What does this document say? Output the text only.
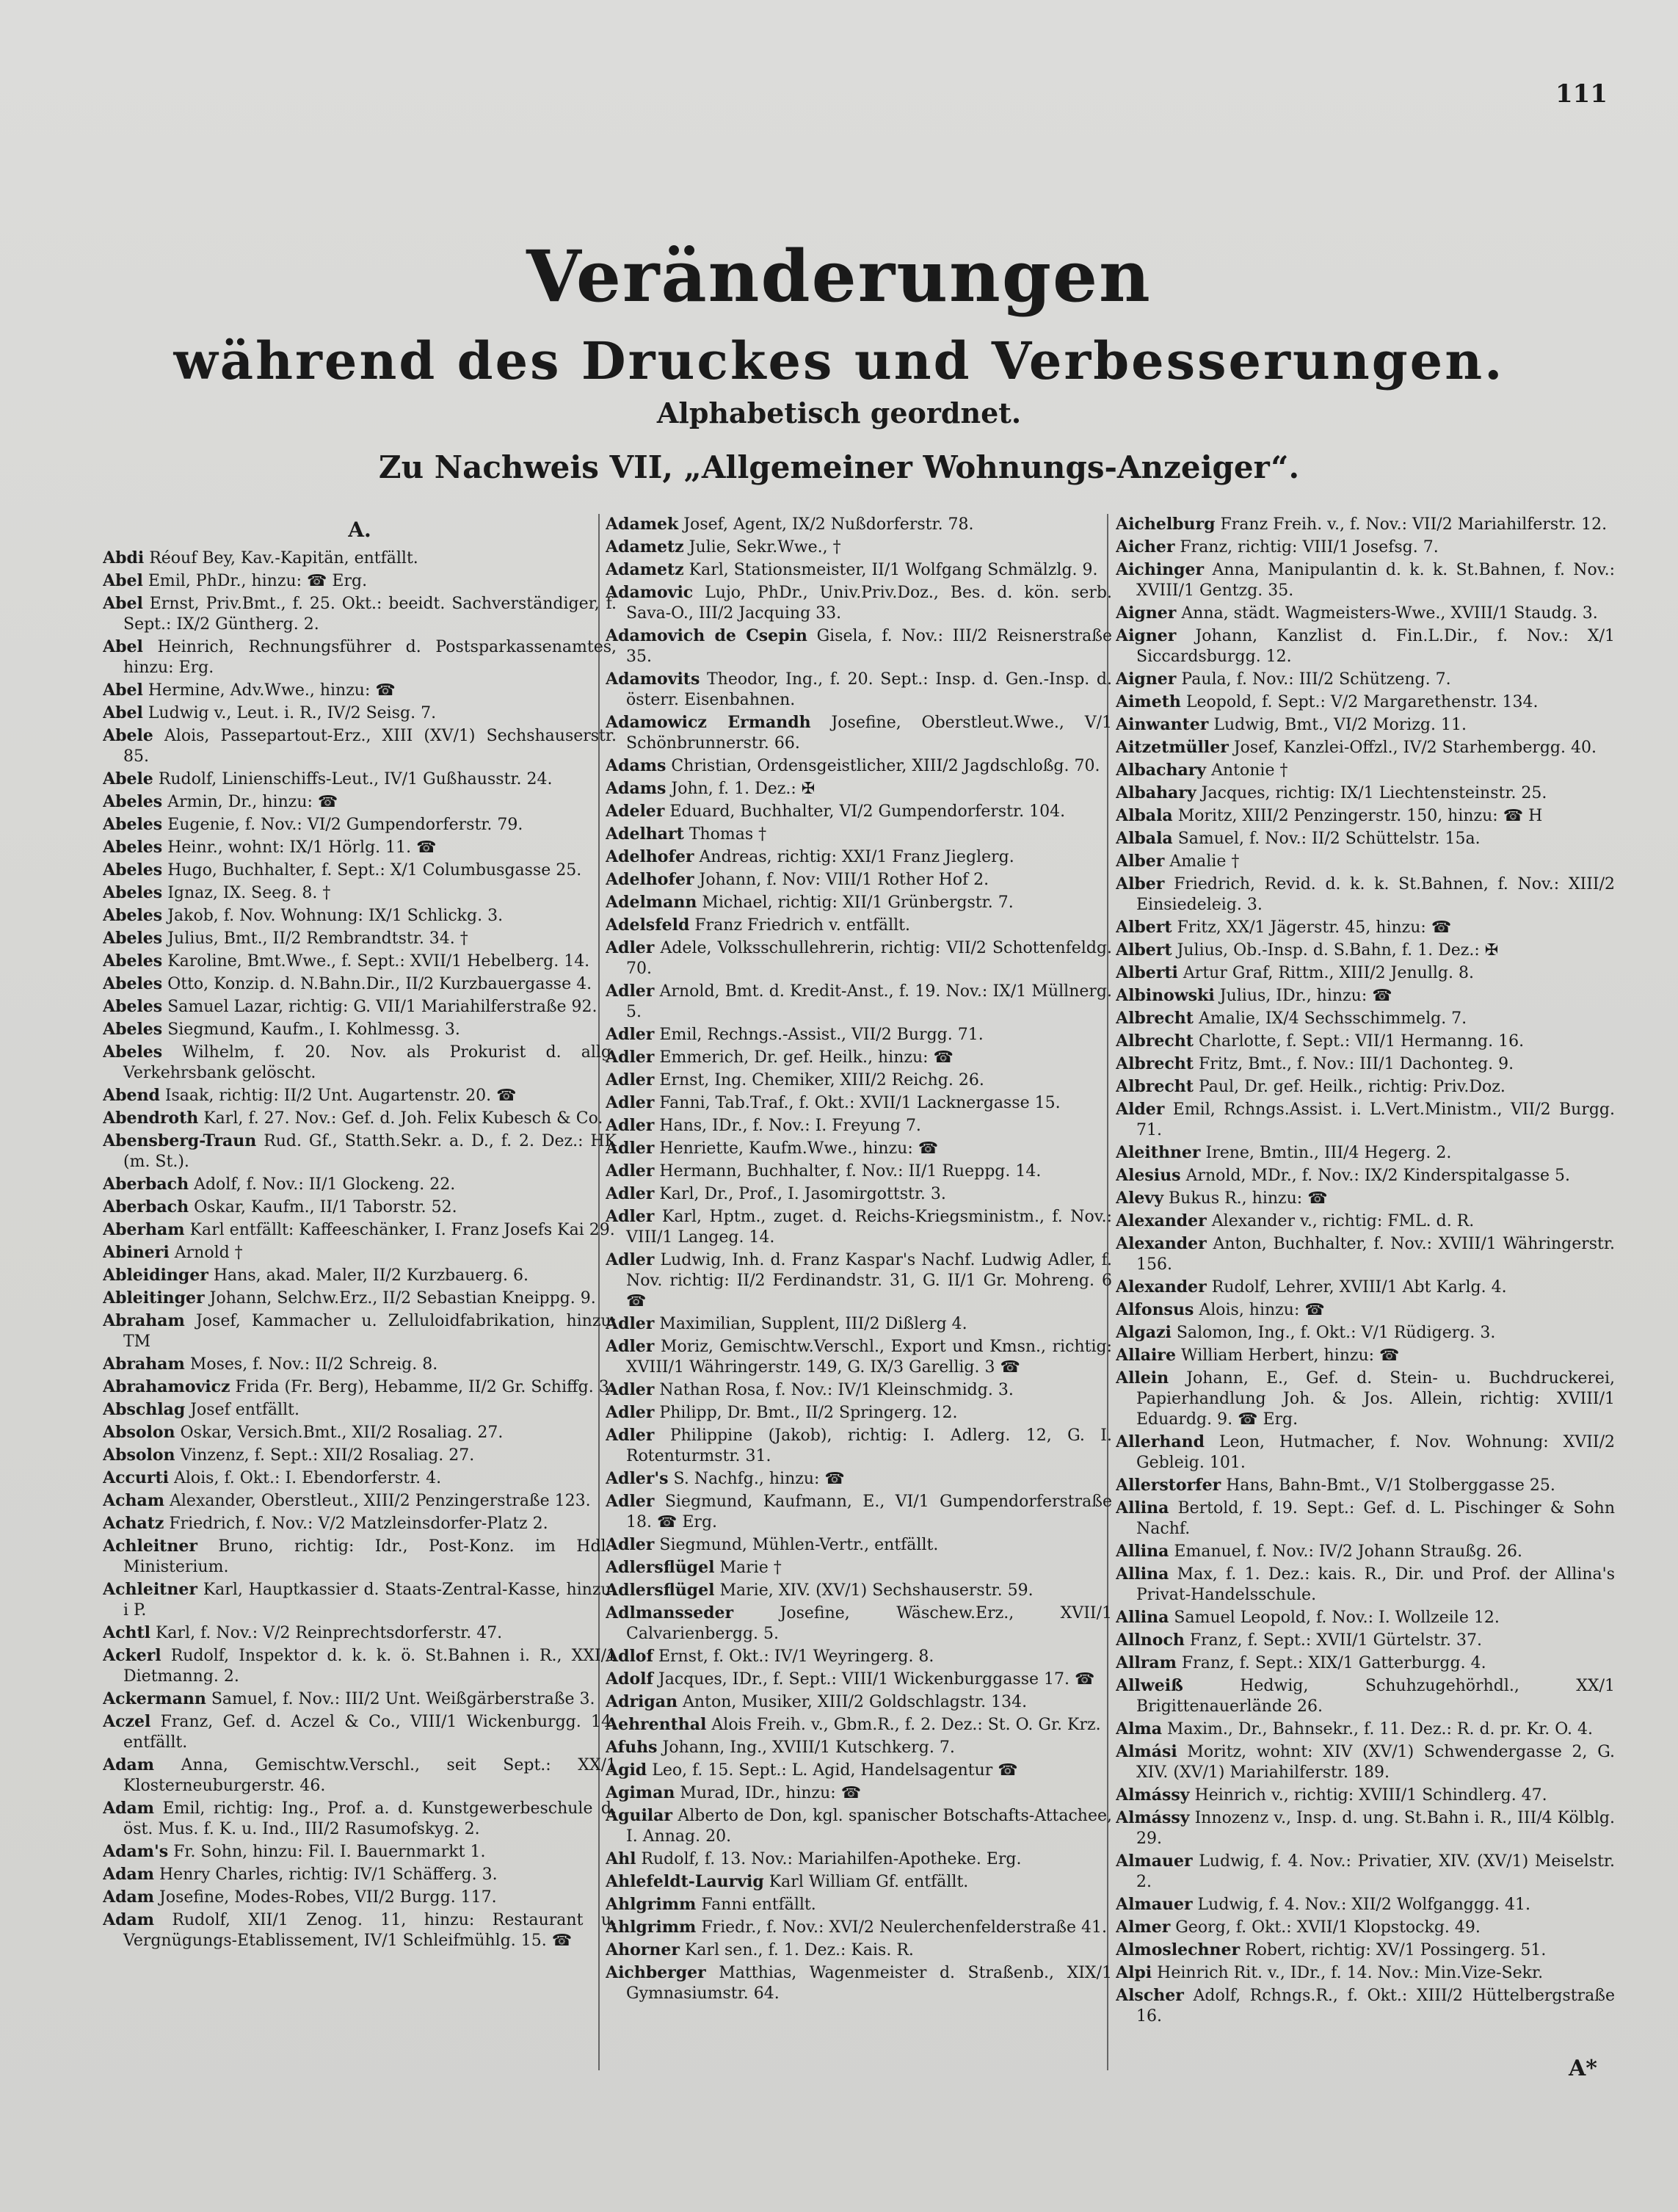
111
Veränderungen
während des Druckes und Verbesserungen.
Alphabetisch geordnet.
Zu Nachweis VII, „Allgemeiner Wohnungs-Anzeiger“.
A.
Abdi Réouf Bey, Kav.-Kapitän, entfällt.
Abel Emil, PhDr., hinzu: ☎ Erg.
Abel Ernst, Priv.Bmt., f. 25. Okt.: beeidt. Sachverständiger, f. Sept.: IX/2 Güntherg. 2.
Abel Heinrich, Rechnungsführer d. Postsparkassenamtes, hinzu: Erg.
Abel Hermine, Adv.Wwe., hinzu: ☎
Abel Ludwig v., Leut. i. R., IV/2 Seisg. 7.
Abele Alois, Passepartout-Erz., XIII (XV/1) Sechshauserstr. 85.
Abele Rudolf, Linienschiffs-Leut., IV/1 Gußhausstr. 24.
Abeles Armin, Dr., hinzu: ☎
Abeles Eugenie, f. Nov.: VI/2 Gumpendorferstr. 79.
Abeles Heinr., wohnt: IX/1 Hörlg. 11. ☎
Abeles Hugo, Buchhalter, f. Sept.: X/1 Columbusgasse 25.
Abeles Ignaz, IX. Seeg. 8. †
Abeles Jakob, f. Nov. Wohnung: IX/1 Schlickg. 3.
Abeles Julius, Bmt., II/2 Rembrandtstr. 34. †
Abeles Karoline, Bmt.Wwe., f. Sept.: XVII/1 Hebelberg. 14.
Abeles Otto, Konzip. d. N.Bahn.Dir., II/2 Kurzbauergasse 4.
Abeles Samuel Lazar, richtig: G. VII/1 Mariahilferstraße 92.
Abeles Siegmund, Kaufm., I. Kohlmessg. 3.
Abeles Wilhelm, f. 20. Nov. als Prokurist d. allg. Verkehrsbank gelöscht.
Abend Isaak, richtig: II/2 Unt. Augartenstr. 20. ☎
Abendroth Karl, f. 27. Nov.: Gef. d. Joh. Felix Kubesch & Co.
Abensberg-Traun Rud. Gf., Statth.Sekr. a. D., f. 2. Dez.: HK (m. St.).
Aberbach Adolf, f. Nov.: II/1 Glockeng. 22.
Aberbach Oskar, Kaufm., II/1 Taborstr. 52.
Aberham Karl entfällt: Kaffeeschänker, I. Franz Josefs Kai 29.
Abineri Arnold †
Ableidinger Hans, akad. Maler, II/2 Kurzbauerg. 6.
Ableitinger Johann, Selchw.Erz., II/2 Sebastian Kneippg. 9.
Abraham Josef, Kammacher u. Zelluloidfabrikation, hinzu: TM
Abraham Moses, f. Nov.: II/2 Schreig. 8.
Abrahamovicz Frida (Fr. Berg), Hebamme, II/2 Gr. Schiffg. 3.
Abschlag Josef entfällt.
Absolon Oskar, Versich.Bmt., XII/2 Rosaliag. 27.
Absolon Vinzenz, f. Sept.: XII/2 Rosaliag. 27.
Accurti Alois, f. Okt.: I. Ebendorferstr. 4.
Acham Alexander, Oberstleut., XIII/2 Penzingerstraße 123.
Achatz Friedrich, f. Nov.: V/2 Matzleinsdorfer-Platz 2.
Achleitner Bruno, richtig: Idr., Post-Konz. im Hdl.-Ministerium.
Achleitner Karl, Hauptkassier d. Staats-Zentral-Kasse, hinzu: i P.
Achtl Karl, f. Nov.: V/2 Reinprechtsdorferstr. 47.
Ackerl Rudolf, Inspektor d. k. k. ö. St.Bahnen i. R., XXI/1 Dietmanng. 2.
Ackermann Samuel, f. Nov.: III/2 Unt. Weißgärberstraße 3.
Aczel Franz, Gef. d. Aczel & Co., VIII/1 Wickenburgg. 14, entfällt.
Adam Anna, Gemischtw.Verschl., seit Sept.: XX/1 Klosterneuburgerstr. 46.
Adam Emil, richtig: Ing., Prof. a. d. Kunstgewerbeschule d. öst. Mus. f. K. u. Ind., III/2 Rasumofskyg. 2.
Adam's Fr. Sohn, hinzu: Fil. I. Bauernmarkt 1.
Adam Henry Charles, richtig: IV/1 Schäfferg. 3.
Adam Josefine, Modes-Robes, VII/2 Burgg. 117.
Adam Rudolf, XII/1 Zenog. 11, hinzu: Restaurant u. Vergnügungs-Etablissement, IV/1 Schleifmühlg. 15. ☎
Adamek Josef, Agent, IX/2 Nußdorferstr. 78.
Adametz Julie, Sekr.Wwe., †
Adametz Karl, Stationsmeister, II/1 Wolfgang Schmälzlg. 9.
Adamovic Lujo, PhDr., Univ.Priv.Doz., Bes. d. kön. serb. Sava-O., III/2 Jacquing 33.
Adamovich de Csepin Gisela, f. Nov.: III/2 Reisnerstraße 35.
Adamovits Theodor, Ing., f. 20. Sept.: Insp. d. Gen.-Insp. d. österr. Eisenbahnen.
Adamowicz Ermandh Josefine, Oberstleut.Wwe., V/1 Schönbrunnerstr. 66.
Adams Christian, Ordensgeistlicher, XIII/2 Jagdschloßg. 70.
Adams John, f. 1. Dez.: ✠
Adeler Eduard, Buchhalter, VI/2 Gumpendorferstr. 104.
Adelhart Thomas †
Adelhofer Andreas, richtig: XXI/1 Franz Jieglerg.
Adelhofer Johann, f. Nov: VIII/1 Rother Hof 2.
Adelmann Michael, richtig: XII/1 Grünbergstr. 7.
Adelsfeld Franz Friedrich v. entfällt.
Adler Adele, Volksschullehrerin, richtig: VII/2 Schottenfeldg. 70.
Adler Arnold, Bmt. d. Kredit-Anst., f. 19. Nov.: IX/1 Müllnerg. 5.
Adler Emil, Rechngs.-Assist., VII/2 Burgg. 71.
Adler Emmerich, Dr. gef. Heilk., hinzu: ☎
Adler Ernst, Ing. Chemiker, XIII/2 Reichg. 26.
Adler Fanni, Tab.Traf., f. Okt.: XVII/1 Lacknergasse 15.
Adler Hans, IDr., f. Nov.: I. Freyung 7.
Adler Henriette, Kaufm.Wwe., hinzu: ☎
Adler Hermann, Buchhalter, f. Nov.: II/1 Rueppg. 14.
Adler Karl, Dr., Prof., I. Jasomirgottstr. 3.
Adler Karl, Hptm., zuget. d. Reichs-Kriegsministm., f. Nov.: VIII/1 Langeg. 14.
Adler Ludwig, Inh. d. Franz Kaspar's Nachf. Ludwig Adler, f. Nov. richtig: II/2 Ferdinandstr. 31, G. II/1 Gr. Mohreng. 6 ☎
Adler Maximilian, Supplent, III/2 Dißlerg 4.
Adler Moriz, Gemischtw.Verschl., Export und Kmsn., richtig: XVIII/1 Währingerstr. 149, G. IX/3 Garellig. 3 ☎
Adler Nathan Rosa, f. Nov.: IV/1 Kleinschmidg. 3.
Adler Philipp, Dr. Bmt., II/2 Springerg. 12.
Adler Philippine (Jakob), richtig: I. Adlerg. 12, G. I. Rotenturmstr. 31.
Adler's S. Nachfg., hinzu: ☎
Adler Siegmund, Kaufmann, E., VI/1 Gumpendorferstraße 18. ☎ Erg.
Adler Siegmund, Mühlen-Vertr., entfällt.
Adlersflügel Marie †
Adlersflügel Marie, XIV. (XV/1) Sechshauserstr. 59.
Adlmansseder	Josefine, Wäschew.Erz., XVII/1 Calvarienbergg. 5.
Adlof Ernst, f. Okt.: IV/1 Weyringerg. 8.
Adolf Jacques, IDr., f. Sept.: VIII/1 Wickenburggasse 17. ☎
Adrigan Anton, Musiker, XIII/2 Goldschlagstr. 134.
Aehrenthal Alois Freih. v., Gbm.R., f. 2. Dez.: St. O. Gr. Krz.
Afuhs Johann, Ing., XVIII/1 Kutschkerg. 7.
Agid Leo, f. 15. Sept.: L. Agid, Handelsagentur ☎
Agiman Murad, IDr., hinzu: ☎
Aguilar Alberto de Don, kgl. spanischer Botschafts-Attachee, I. Annag. 20.
Ahl Rudolf, f. 13. Nov.: Mariahilfen-Apotheke. Erg.
Ahlefeldt-Laurvig Karl William Gf. entfällt.
Ahlgrimm Fanni entfällt.
Ahlgrimm Friedr., f. Nov.: XVI/2 Neulerchenfelderstraße 41.
Ahorner Karl sen., f. 1. Dez.: Kais. R.
Aichberger Matthias, Wagenmeister d. Straßenb., XIX/1 Gymnasiumstr. 64.
Aichelburg Franz Freih. v., f. Nov.: VII/2 Mariahilferstr. 12.
Aicher Franz, richtig: VIII/1 Josefsg. 7.
Aichinger Anna, Manipulantin d. k. k. St.Bahnen, f. Nov.: XVIII/1 Gentzg. 35.
Aigner Anna, städt. Wagmeisters-Wwe., XVIII/1 Staudg. 3.
Aigner Johann, Kanzlist d. Fin.L.Dir., f. Nov.: X/1 Siccardsburgg. 12.
Aigner Paula, f. Nov.: III/2 Schützeng. 7.
Aimeth Leopold, f. Sept.: V/2 Margarethenstr. 134.
Ainwanter Ludwig, Bmt., VI/2 Morizg. 11.
Aitzetmüller Josef, Kanzlei-Offzl., IV/2 Starhembergg. 40.
Albachary Antonie †
Albahary Jacques, richtig: IX/1 Liechtensteinstr. 25.
Albala Moritz, XIII/2 Penzingerstr. 150, hinzu: ☎ H
Albala Samuel, f. Nov.: II/2 Schüttelstr. 15a.
Alber Amalie †
Alber Friedrich, Revid. d. k. k. St.Bahnen, f. Nov.: XIII/2 Einsiedeleig. 3.
Albert Fritz, XX/1 Jägerstr. 45, hinzu: ☎
Albert Julius, Ob.-Insp. d. S.Bahn, f. 1. Dez.: ✠
Alberti Artur Graf, Rittm., XIII/2 Jenullg. 8.
Albinowski Julius, IDr., hinzu: ☎
Albrecht Amalie, IX/4 Sechsschimmelg. 7.
Albrecht Charlotte, f. Sept.: VII/1 Hermanng. 16.
Albrecht Fritz, Bmt., f. Nov.: III/1 Dachonteg. 9.
Albrecht Paul, Dr. gef. Heilk., richtig: Priv.Doz.
Alder Emil, Rchngs.Assist. i. L.Vert.Ministm., VII/2 Burgg. 71.
Aleithner Irene, Bmtin., III/4 Hegerg. 2.
Alesius Arnold, MDr., f. Nov.: IX/2 Kinderspitalgasse 5.
Alevy Bukus R., hinzu: ☎
Alexander Alexander v., richtig: FML. d. R.
Alexander Anton, Buchhalter, f. Nov.: XVIII/1 Währingerstr. 156.
Alexander Rudolf, Lehrer, XVIII/1 Abt Karlg. 4.
Alfonsus Alois, hinzu: ☎
Algazi Salomon, Ing., f. Okt.: V/1 Rüdigerg. 3.
Allaire William Herbert, hinzu: ☎
Allein Johann, E., Gef. d. Stein- u. Buchdruckerei, Papierhandlung Joh. & Jos. Allein, richtig: XVIII/1 Eduardg. 9. ☎ Erg.
Allerhand Leon, Hutmacher, f. Nov. Wohnung: XVII/2 Gebleig. 101.
Allerstorfer Hans, Bahn-Bmt., V/1 Stolberggasse 25.
Allina Bertold, f. 19. Sept.: Gef. d. L. Pischinger & Sohn Nachf.
Allina Emanuel, f. Nov.: IV/2 Johann Straußg. 26.
Allina Max, f. 1. Dez.: kais. R., Dir. und Prof. der Allina's Privat-Handelsschule.
Allina Samuel Leopold, f. Nov.: I. Wollzeile 12.
Allnoch Franz, f. Sept.: XVII/1 Gürtelstr. 37.
Allram Franz, f. Sept.: XIX/1 Gatterburgg. 4.
Allweiß	Hedwig, Schuhzugehörhdl., XX/1 Brigittenauerlände 26.
Alma Maxim., Dr., Bahnsekr., f. 11. Dez.: R. d. pr. Kr. O. 4.
Almási Moritz, wohnt: XIV (XV/1) Schwendergasse 2, G. XIV. (XV/1) Mariahilferstr. 189.
Almássy Heinrich v., richtig: XVIII/1 Schindlerg. 47.
Almássy Innozenz v., Insp. d. ung. St.Bahn i. R., III/4 Kölblg. 29.
Almauer Ludwig, f. 4. Nov.: Privatier, XIV. (XV/1) Meiselstr. 2.
Almauer Ludwig, f. 4. Nov.: XII/2 Wolfganggg. 41.
Almer Georg, f. Okt.: XVII/1 Klopstockg. 49.
Almoslechner Robert, richtig: XV/1 Possingerg. 51.
Alpi Heinrich Rit. v., IDr., f. 14. Nov.: Min.Vize-Sekr.
Alscher Adolf, Rchngs.R., f. Okt.: XIII/2 Hüttelbergstraße 16.
A*
